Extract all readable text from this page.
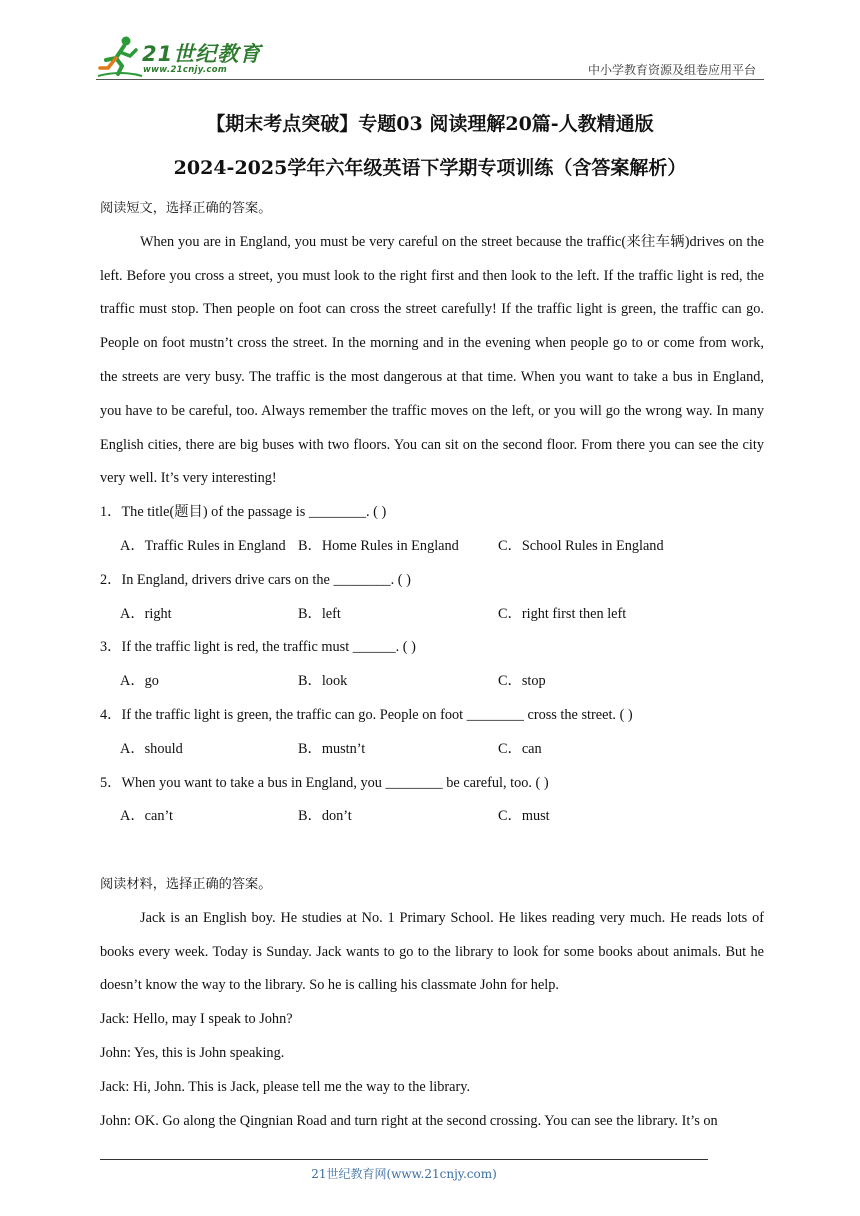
21世纪教育
www.21cnjy.com	中小学教育资源及组卷应用平台
【期末考点突破】专题03 阅读理解20篇-人教精通版
2024-2025学年六年级英语下学期专项训练（含答案解析）

阅读短文，选择正确的答案。

When you are in England, you must be very careful on the street because the traffic(来往车辆)drives on the left. Before you cross a street, you must look to the right first and then look to the left. If the traffic light is red, the traffic must stop. Then people on foot can cross the street carefully! If the traffic light is green, the traffic can go. People on foot mustn’t cross the street. In the morning and in the evening when people go to or come from work, the streets are very busy. The traffic is the most dangerous at that time. When you want to take a bus in England, you have to be careful, too. Always remember the traffic moves on the left, or you will go the wrong way. In many English cities, there are big buses with two floors. You can sit on the second floor. From there you can see the city very well. It’s very interesting!

1．The title(题目) of the passage is ________. ( )

A．Traffic Rules in England B．Home Rules in England	C．School Rules in England

2．In England, drivers drive cars on the ________. ( )

A．right	B．left	C．right first then left

3．If the traffic light is red, the traffic must ______. ( )

A．go	B．look	C．stop

4．If the traffic light is green, the traffic can go. People on foot ________ cross the street. ( )

A．should	B．mustn’t	C．can

5．When you want to take a bus in England, you ________ be careful, too. ( )

A．can’t	B．don’t	C．must

阅读材料，选择正确的答案。

Jack is an English boy. He studies at No. 1 Primary School. He likes reading very much. He reads lots of books every week. Today is Sunday. Jack wants to go to the library to look for some books about animals. But he doesn’t know the way to the library. So he is calling his classmate John for help.

Jack: Hello, may I speak to John?

John: Yes, this is John speaking.

Jack: Hi, John. This is Jack, please tell me the way to the library.

John: OK. Go along the Qingnian Road and turn right at the second crossing. You can see the library. It’s on

21世纪教育网(www.21cnjy.com)
